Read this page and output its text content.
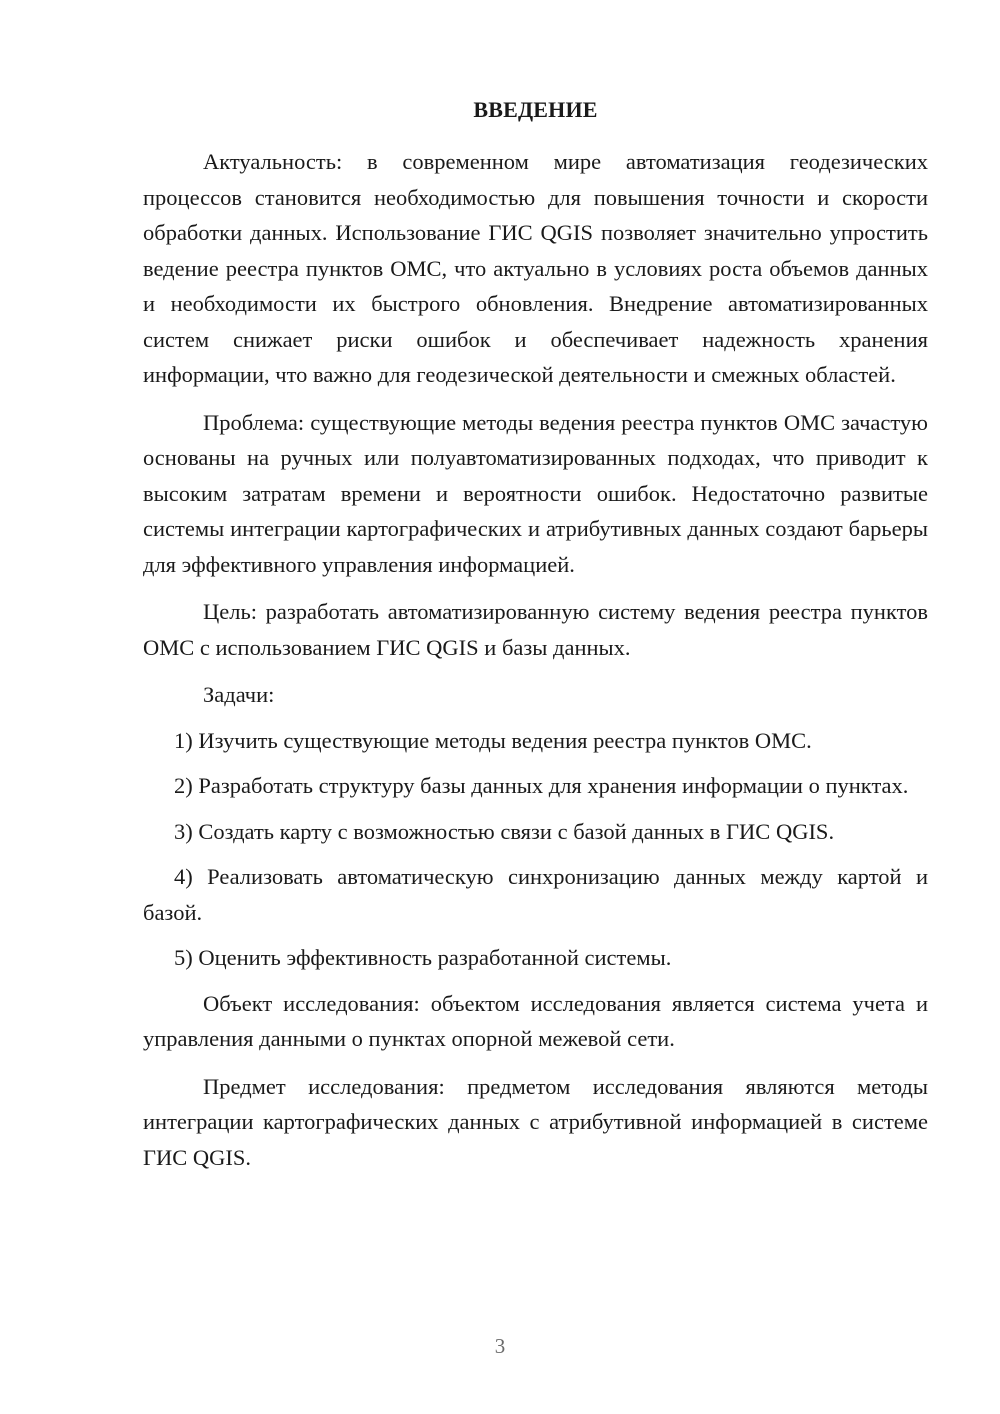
ВВЕДЕНИЕ

Актуальность: в современном мире автоматизация геодезических процессов становится необходимостью для повышения точности и скорости обработки данных. Использование ГИС QGIS позволяет значительно упростить ведение реестра пунктов ОМС, что актуально в условиях роста объемов данных и необходимости их быстрого обновления. Внедрение автоматизированных систем снижает риски ошибок и обеспечивает надежность хранения информации, что важно для геодезической деятельности и смежных областей.

Проблема: существующие методы ведения реестра пунктов ОМС зачастую основаны на ручных или полуавтоматизированных подходах, что приводит к высоким затратам времени и вероятности ошибок. Недостаточно развитые системы интеграции картографических и атрибутивных данных создают барьеры для эффективного управления информацией.

Цель: разработать автоматизированную систему ведения реестра пунктов ОМС с использованием ГИС QGIS и базы данных.

Задачи:

1) Изучить существующие методы ведения реестра пунктов ОМС.

2) Разработать структуру базы данных для хранения информации о пунктах.

3) Создать карту с возможностью связи с базой данных в ГИС QGIS.

4) Реализовать автоматическую синхронизацию данных между картой и базой.

5) Оценить эффективность разработанной системы.

Объект исследования: объектом исследования является система учета и управления данными о пунктах опорной межевой сети.

Предмет исследования: предметом исследования являются методы интеграции картографических данных с атрибутивной информацией в системе ГИС QGIS.

3
